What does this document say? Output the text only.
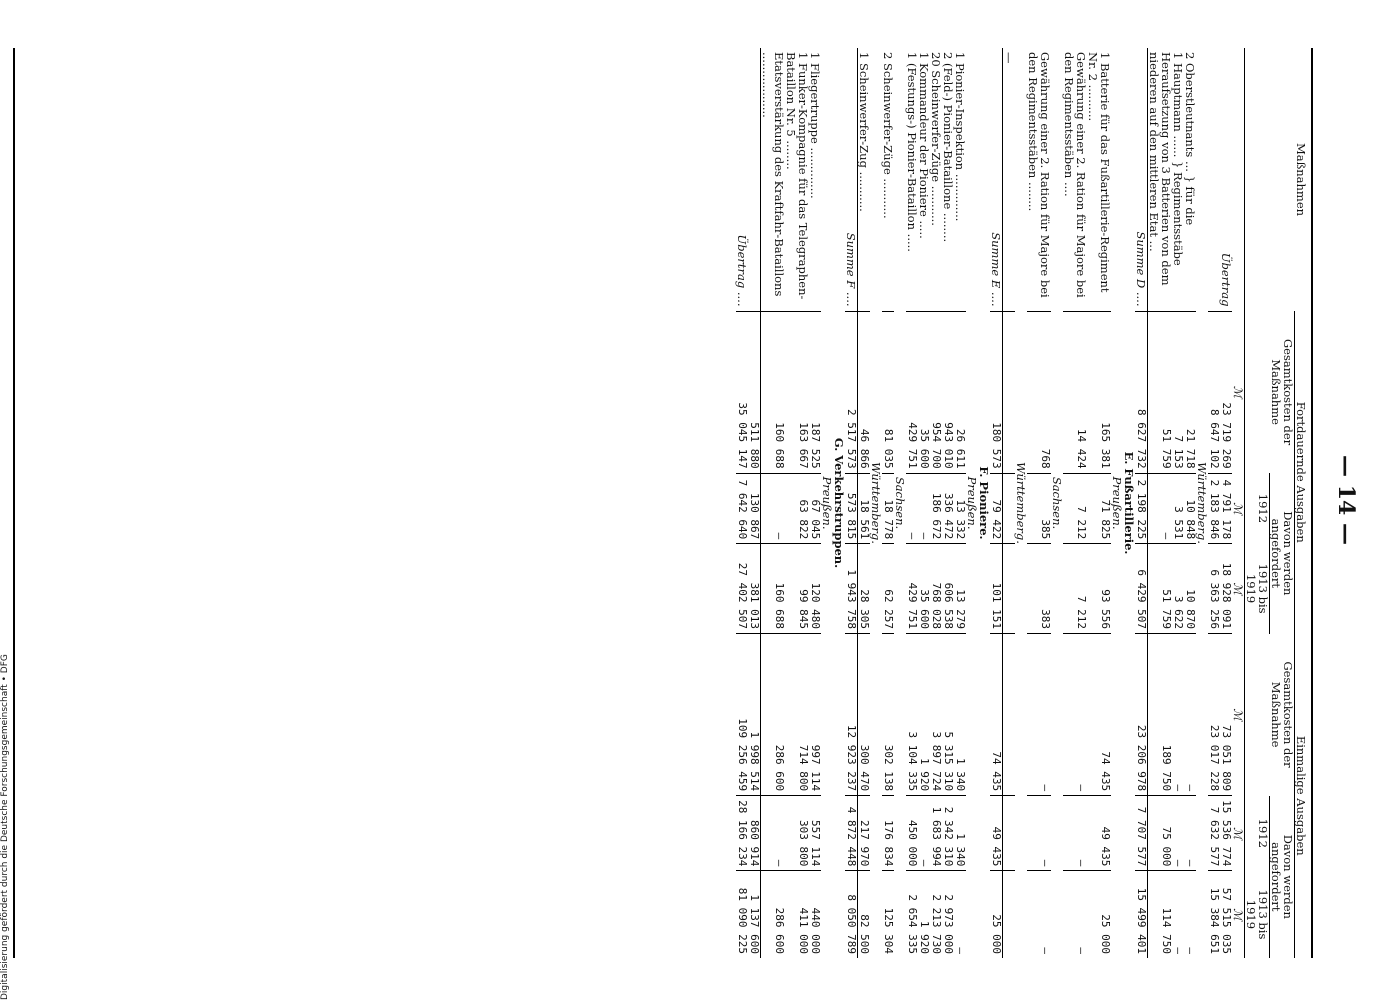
— 14 —
Maßnahmen	Fortdauernde Ausgaben			Einmalige Ausgaben		
	Gesamtkosten der Maßnahme	Davon werden angefordert		Gesamtkosten der Maßnahme	Davon werden angefordert	
		1912	1913 bis 1919		1912	1913 bis 1919
	ℳ	ℳ	ℳ	ℳ	ℳ	ℳ
Übertrag	23 719 269	4 791 178	18 928 091	73 051 809	15 536 774	57 515 035
	8 647 102	2 183 846	6 363 256	23 017 228	7 632 577	15 384 651
Württemberg.						
2 Oberstleutnants ... } für die	21 718	10 848	10 870	—	—	—
1 Hauptmann ...... } Regimentsstäbe	7 153	3 531	3 622	—	—	—
Heraufsetzung von 3 Batterien von dem niederen auf den mittleren Etat ...	51 759	—	51 759	189 750	75 000	114 750
Summe D ....	8 627 732	2 198 225	6 429 507	23 206 978	7 707 577	15 499 401
E. Fußartillerie.						
Preußen.						
1 Batterie für das Fußartillerie-Regiment Nr. 2 ..........	165 381	71 825	93 556	74 435	49 435	25 000
Gewährung einer 2. Ration für Majore bei den Regimentsstäben ....	14 424	7 212	7 212	—	—	—
Sachsen.						
Gewährung einer 2. Ration für Majore bei den Regimentsstäben ........	768	385	383	—	—	—
Württemberg.						
—						
Summe E ....	180 573	79 422	101 151	74 435	49 435	25 000
F. Pioniere.						
Preußen.						
1 Pionier-Inspektion .............	26 611	13 332	13 279	1 340	1 340	—
2 (Feld-) Pionier-Bataillone ........	943 010	336 472	606 538	5 315 310	2 342 310	2 973 000
20 Scheinwerfer-Züge ...........	954 700	186 672	768 028	3 897 724	1 683 994	2 213 730
1 Kommandeur der Pioniere .....	35 600	—	35 600	1 920	—	1 920
1 (Festungs-) Pionier-Bataillon .....	429 751	—	429 751	3 104 335	450 000	2 654 335
Sachsen.						
2 Scheinwerfer-Züge ...........	81 035	18 778	62 257	302 138	176 834	125 304
Württemberg.						
1 Scheinwerfer-Zug ...........	46 866	18 561	28 305	300 470	217 970	82 500
Summe F ....	2 517 573	573 815	1 943 758	12 923 237	4 872 448	8 050 789
G. Verkehrstruppen.						
Preußen.						
1 Fliegertruppe ..............	187 525	67 045	120 480	997 114	557 114	440 000
1 Funker-Kompagnie für das Telegraphen-Bataillon Nr. 5 ........	163 667	63 822	99 845	714 800	303 800	411 000
Etatsverstärkung des Kraftfahr-Bataillons ..................	160 688	—	160 688	286 600	—	286 600
	511 880	130 867	381 013	1 998 514	860 914	1 137 600
Übertrag ....	35 045 147	7 642 640	27 402 507	109 256 459	28 166 234	81 090 225
Digitalisierung gefördert durch die Deutsche Forschungsgemeinschaft • DFG
